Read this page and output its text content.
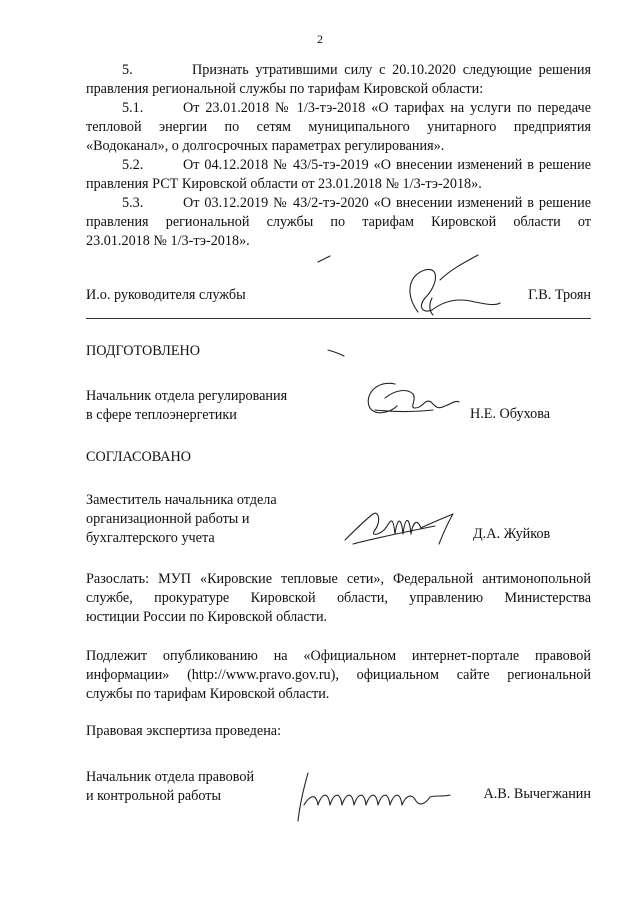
2
5.	Признать утратившими силу с 20.10.2020 следующие решения
правления региональной службы по тарифам Кировской области:
5.1.	От 23.01.2018 № 1/3-тэ-2018 «О тарифах на услуги по передаче
тепловой энергии по сетям муниципального унитарного предприятия
«Водоканал», о долгосрочных параметрах регулирования».
5.2.	От 04.12.2018 № 43/5-тэ-2019 «О внесении изменений в решение
правления РСТ Кировской области от 23.01.2018 № 1/3-тэ-2018».
5.3.	От 03.12.2019 № 43/2-тэ-2020 «О внесении изменений в решение
правления региональной службы по тарифам Кировской области от
23.01.2018 № 1/3-тэ-2018».
И.о. руководителя службы	Г.В. Троян
ПОДГОТОВЛЕНО
Начальник отдела регулирования
в сфере теплоэнергетики	Н.Е. Обухова
СОГЛАСОВАНО
Заместитель начальника отдела
организационной работы и
бухгалтерского учета	Д.А. Жуйков
Разослать: МУП «Кировские тепловые сети», Федеральной антимонопольной
службе, прокуратуре Кировской области, управлению Министерства
юстиции России по Кировской области.
Подлежит опубликованию на «Официальном интернет-портале правовой
информации» (http://www.pravo.gov.ru), официальном сайте региональной
службы по тарифам Кировской области.
Правовая экспертиза проведена:
Начальник отдела правовой
и контрольной работы	А.В. Вычегжанин
